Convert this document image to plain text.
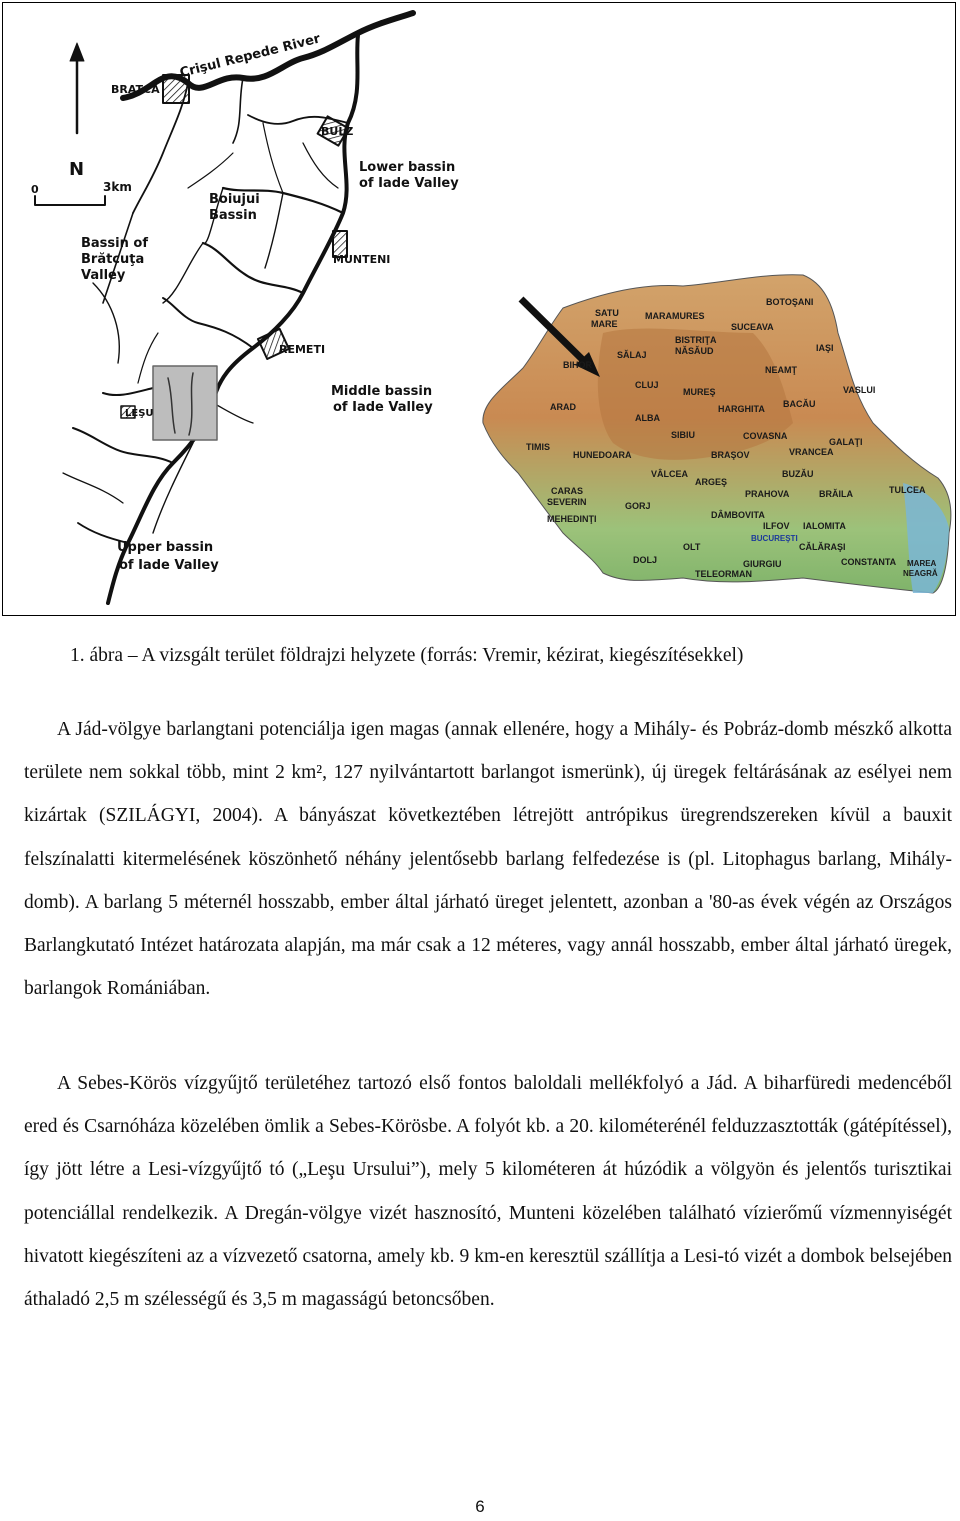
Crişul Repede River
BRATCA
BULZ
N
0	3km
Lower bassin
of Iade Valley
Boiujui
Bassin
Bassin of
Brătcuţa
Valley
MUNTENI
REMETI
Middle bassin
of Iade Valley
LEŞU
Upper bassin
of Iade Valley
SATU
MARE
MARAMURES
BOTOŞANI
SUCEAVA
BISTRIŢA
NĂSĂUD	IAŞI
BIHOR
SĂLAJ
NEAMŢ
CLUJ
MUREŞ	VASLUI
ARAD
ALBA
HARGHITA BACĂU
TIMIS
SIBIU	COVASNA
VRANCEA
GALAŢI
HUNEDOARA	BRAŞOV
VÂLCEA	BUZĂU
ARGEŞ
CARAS
SEVERIN
PRAHOVA	BRĂILA	TULCEA
GORJ
MEHEDINŢI	DÂMBOVITA
ILFOV IALOMITA
BUCUREŞTI
OLT	CĂLĂRAŞI
DOLJ	GIURGIU	CONSTANTA MAREA
NEAGRĂ
TELEORMAN
1. ábra – A vizsgált terület földrajzi helyzete (forrás: Vremir, kézirat, kiegészítésekkel)

A Jád-völgye barlangtani potenciálja igen magas (annak ellenére, hogy a Mihály- és Pobráz-domb mészkő alkotta területe nem sokkal több, mint 2 km², 127 nyilvántartott barlangot ismerünk), új üregek feltárásának az esélyei nem kizártak (SZILÁGYI, 2004). A bányászat következtében létrejött antrópikus üregrendszereken kívül a bauxit felszínalatti kitermelésének köszönhető néhány jelentősebb barlang felfedezése is (pl. Litophagus barlang, Mihály-domb). A barlang 5 méternél hosszabb, ember által járható üreget jelentett, azonban a '80-as évek végén az Országos Barlangkutató Intézet határozata alapján, ma már csak a 12 méteres, vagy annál hosszabb, ember által járható üregek, barlangok Romániában.

A Sebes-Körös vízgyűjtő területéhez tartozó első fontos baloldali mellékfolyó a Jád. A biharfüredi medencéből ered és Csarnóháza közelében ömlik a Sebes-Körösbe. A folyót kb. a 20. kilométerénél felduzzasztották (gátépítéssel), így jött létre a Lesi-vízgyűjtő tó („Leşu Ursului”), mely 5 kilométeren át húzódik a völgyön és jelentős turisztikai potenciállal rendelkezik. A Dregán-völgye vizét hasznosító, Munteni közelében található vízierőmű vízmennyiségét hivatott kiegészíteni az a vízvezető csatorna, amely kb. 9 km-en keresztül szállítja a Lesi-tó vizét a dombok belsejében áthaladó 2,5 m szélességű és 3,5 m magasságú betoncsőben.

6
